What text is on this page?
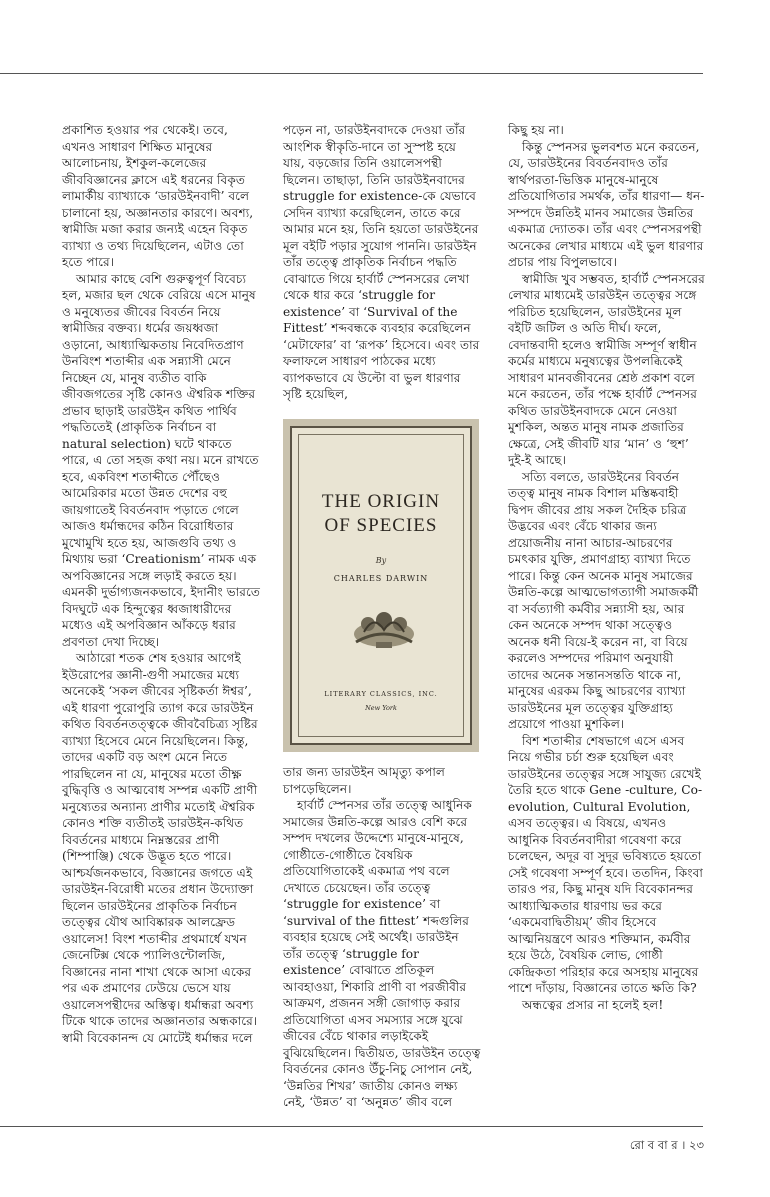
প্রকাশিত হওয়ার পর থেকেই। তবে, এখনও সাধারণ শিক্ষিত মানুষের আলোচনায়, ইশকুল-কলেজের জীববিজ্ঞানের ক্লাসে এই ধরনের বিকৃত লামার্কীয় ব্যাখ্যাকে ‘ডারউইনবাদী’ বলে চালানো হয়, অজ্ঞানতার কারণে। অবশ্য, স্বামীজি মজা করার জন্যই এহেন বিকৃত ব্যাখ্যা ও তথ্য দিয়েছিলেন, এটাও তো হতে পারে।

আমার কাছে বেশি গুরুত্বপূর্ণ বিবেচ্য হল, মজার ছল থেকে বেরিয়ে এসে মানুষ ও মনুষ্যেতর জীবের বিবর্তন নিয়ে স্বামীজির বক্তব্য। ধর্মের জয়ধ্বজা ওড়ানো, আধ্যাত্মিকতায় নিবেদিতপ্রাণ উনবিংশ শতাব্দীর এক সন্ন্যাসী মেনে নিচ্ছেন যে, মানুষ ব্যতীত বাকি জীবজগতের সৃষ্টি কোনও ঐশ্বরিক শক্তির প্রভাব ছাড়াই ডারউইন কথিত পার্থিব পদ্ধতিতেই (প্রাকৃতিক নির্বাচন বা natural selection) ঘটে থাকতে পারে, এ তো সহজ কথা নয়। মনে রাখতে হবে, একবিংশ শতাব্দীতে পৌঁছেও আমেরিকার মতো উন্নত দেশের বহু জায়গাতেই বিবর্তনবাদ পড়াতে গেলে আজও ধর্মান্ধদের কঠিন বিরোধিতার মুখোমুখি হতে হয়, আজগুবি তথ্য ও মিথ্যায় ভরা ‘Creationism’ নামক এক অপবিজ্ঞানের সঙ্গে লড়াই করতে হয়। এমনকী দুর্ভাগ্যজনকভাবে, ইদানীং ভারতে বিদঘুটে এক হিন্দুত্বের ধ্বজাধারীদের মধ্যেও এই অপবিজ্ঞান আঁকড়ে ধরার প্রবণতা দেখা দিচ্ছে।

আঠারো শতক শেষ হওয়ার আগেই ইউরোপের জ্ঞানী-গুণী সমাজের মধ্যে অনেকেই ‘সকল জীবের সৃষ্টিকর্তা ঈশ্বর’, এই ধারণা পুরোপুরি ত্যাগ করে ডারউইন কথিত বিবর্তনতত্ত্বকে জীববৈচিত্র্য সৃষ্টির ব্যাখ্যা হিসেবে মেনে নিয়েছিলেন। কিন্তু, তাদের একটি বড় অংশ মেনে নিতে পারছিলেন না যে, মানুষের মতো তীক্ষ্ণ বুদ্ধিবৃত্তি ও আত্মবোধ সম্পন্ন একটি প্রাণী মনুষ্যেতর অন্যান্য প্রাণীর মতোই ঐশ্বরিক কোনও শক্তি ব্যতীতই ডারউইন-কথিত বিবর্তনের মাধ্যমে নিম্নস্তরের প্রাণী (শিম্পাঞ্জি) থেকে উদ্ভূত হতে পারে। আশ্চর্যজনকভাবে, বিজ্ঞানের জগতে এই ডারউইন-বিরোধী মতের প্রধান উদ্যোক্তা ছিলেন ডারউইনের প্রাকৃতিক নির্বাচন তত্ত্বের যৌথ আবিষ্কারক আলফ্রেড ওয়ালেস! বিংশ শতাব্দীর প্রথমার্ধে যখন জেনেটিক্স থেকে প্যালিওন্টোলজি, বিজ্ঞানের নানা শাখা থেকে আসা একের পর এক প্রমাণের ঢেউয়ে ভেসে যায় ওয়ালেসপন্থীদের অস্তিত্ব। ধর্মান্ধরা অবশ্য টিকে থাকে তাদের অজ্ঞানতার অন্ধকারে। স্বামী বিবেকানন্দ যে মোটেই ধর্মান্ধর দলে

পড়েন না, ডারউইনবাদকে দেওয়া তাঁর আংশিক স্বীকৃতি-দানে তা সুস্পষ্ট হয়ে যায়, বড়জোর তিনি ওয়ালেসপন্থী ছিলেন। তাছাড়া, তিনি ডারউইনবাদের struggle for existence-কে যেভাবে সেদিন ব্যাখ্যা করেছিলেন, তাতে করে আমার মনে হয়, তিনি হয়তো ডারউইনের মূল বইটি পড়ার সুযোগ পাননি। ডারউইন তাঁর তত্ত্বে প্রাকৃতিক নির্বাচন পদ্ধতি বোঝাতে গিয়ে হার্বার্ট স্পেনসরের লেখা থেকে ধার করে ‘struggle for existence’ বা ‘Survival of the Fittest’ শব্দবন্ধকে ব্যবহার করেছিলেন ‘মেটাফোর’ বা ‘রূপক’ হিসেবে। এবং তার ফলাফলে সাধারণ পাঠকের মধ্যে ব্যাপকভাবে যে উল্টো বা ভুল ধারণার সৃষ্টি হয়েছিল,

THE ORIGIN
OF SPECIES
By
CHARLES DARWIN
LITERARY CLASSICS, INC.
New York

তার জন্য ডারউইন আমৃত্যু কপাল চাপড়েছিলেন।

হার্বার্ট স্পেনসর তাঁর তত্ত্বে আধুনিক সমাজের উন্নতি-কল্পে আরও বেশি করে সম্পদ দখলের উদ্দেশ্যে মানুষে-মানুষে, গোষ্ঠীতে-গোষ্ঠীতে বৈষয়িক প্রতিযোগিতাকেই একমাত্র পথ বলে দেখাতে চেয়েছেন। তাঁর তত্ত্বে ‘struggle for existence’ বা ‘survival of the fittest’ শব্দগুলির ব্যবহার হয়েছে সেই অর্থেই। ডারউইন তাঁর তত্ত্বে ‘struggle for existence’ বোঝাতে প্রতিকূল আবহাওয়া, শিকারি প্রাণী বা পরজীবীর আক্রমণ, প্রজনন সঙ্গী জোগাড় করার প্রতিযোগিতা এসব সমস্যার সঙ্গে যুঝে জীবের বেঁচে থাকার লড়াইকেই বুঝিয়েছিলেন। দ্বিতীয়ত, ডারউইন তত্ত্বে বিবর্তনের কোনও উঁচু-নিচু সোপান নেই, ‘উন্নতির শিখর’ জাতীয় কোনও লক্ষ্য নেই, ‘উন্নত’ বা ‘অনুন্নত’ জীব বলে

কিছু হয় না।

কিন্তু স্পেনসর ভুলবশত মনে করতেন, যে, ডারউইনের বিবর্তনবাদও তাঁর স্বার্থপরতা-ভিত্তিক মানুষে-মানুষে প্রতিযোগিতার সমর্থক, তাঁর ধারণা— ধন-সম্পদে উন্নতিই মানব সমাজের উন্নতির একমাত্র দ্যোতক। তাঁর এবং স্পেনসরপন্থী অনেকের লেখার মাধ্যমে এই ভুল ধারণার প্রচার পায় বিপুলভাবে।

স্বামীজি খুব সম্ভবত, হার্বার্ট স্পেনসরের লেখার মাধ্যমেই ডারউইন তত্ত্বের সঙ্গে পরিচিত হয়েছিলেন, ডারউইনের মূল বইটি জটিল ও অতি দীর্ঘ। ফলে, বেদান্তবাদী হলেও স্বামীজি সম্পূর্ণ স্বাধীন কর্মের মাধ্যমে মনুষ্যত্বের উপলব্ধিকেই সাধারণ মানবজীবনের শ্রেষ্ঠ প্রকাশ বলে মনে করতেন, তাঁর পক্ষে হার্বার্ট স্পেনসর কথিত ডারউইনবাদকে মেনে নেওয়া মুশকিল, অন্তত মানুষ নামক প্রজাতির ক্ষেত্রে, সেই জীবটি যার ‘মান’ ও ‘হুশ’ দুই-ই আছে।

সত্যি বলতে, ডারউইনের বিবর্তন তত্ত্ব মানুষ নামক বিশাল মস্তিষ্কবাহী দ্বিপদ জীবের প্রায় সকল দৈহিক চরিত্র উদ্ভবের এবং বেঁচে থাকার জন্য প্রয়োজনীয় নানা আচার-আচরণের চমৎকার যুক্তি, প্রমাণগ্রাহ্য ব্যাখ্যা দিতে পারে। কিন্তু কেন অনেক মানুষ সমাজের উন্নতি-কল্পে আত্মভোগত্যাগী সমাজকর্মী বা সর্বত্যাগী কর্মবীর সন্ন্যাসী হয়, আর কেন অনেকে সম্পদ থাকা সত্ত্বেও অনেক ধনী বিয়ে-ই করেন না, বা বিয়ে করলেও সম্পদের পরিমাণ অনুযায়ী তাদের অনেক সন্তানসন্ততি থাকে না, মানুষের এরকম কিছু আচরণের ব্যাখ্যা ডারউইনের মূল তত্ত্বের যুক্তিগ্রাহ্য প্রয়োগে পাওয়া মুশকিল।

বিশ শতাব্দীর শেষভাগে এসে এসব নিয়ে গভীর চর্চা শুরু হয়েছিল এবং ডারউইনের তত্ত্বের সঙ্গে সাযুজ্য রেখেই তৈরি হতে থাকে Gene -culture, Co-evolution, Cultural Evolution, এসব তত্ত্বের। এ বিষয়ে, এখনও আধুনিক বিবর্তনবাদীরা গবেষণা করে চলেছেন, অদূর বা সুদূর ভবিষ্যতে হয়তো সেই গবেষণা সম্পূর্ণ হবে। ততদিন, কিংবা তারও পর, কিছু মানুষ যদি বিবেকানন্দর আধ্যাত্মিকতার ধারণায় ভর করে ‘একমেবাদ্বিতীয়ম্’ জীব হিসেবে আত্মনিয়ন্ত্রণে আরও শক্তিমান, কর্মবীর হয়ে উঠে, বৈষয়িক লোভ, গোষ্ঠী কেন্দ্রিকতা পরিহার করে অসহায় মানুষের পাশে দাঁড়ায়, বিজ্ঞানের তাতে ক্ষতি কি?

অন্ধত্বের প্রসার না হলেই হল!

রো ব বা র । ২৩
